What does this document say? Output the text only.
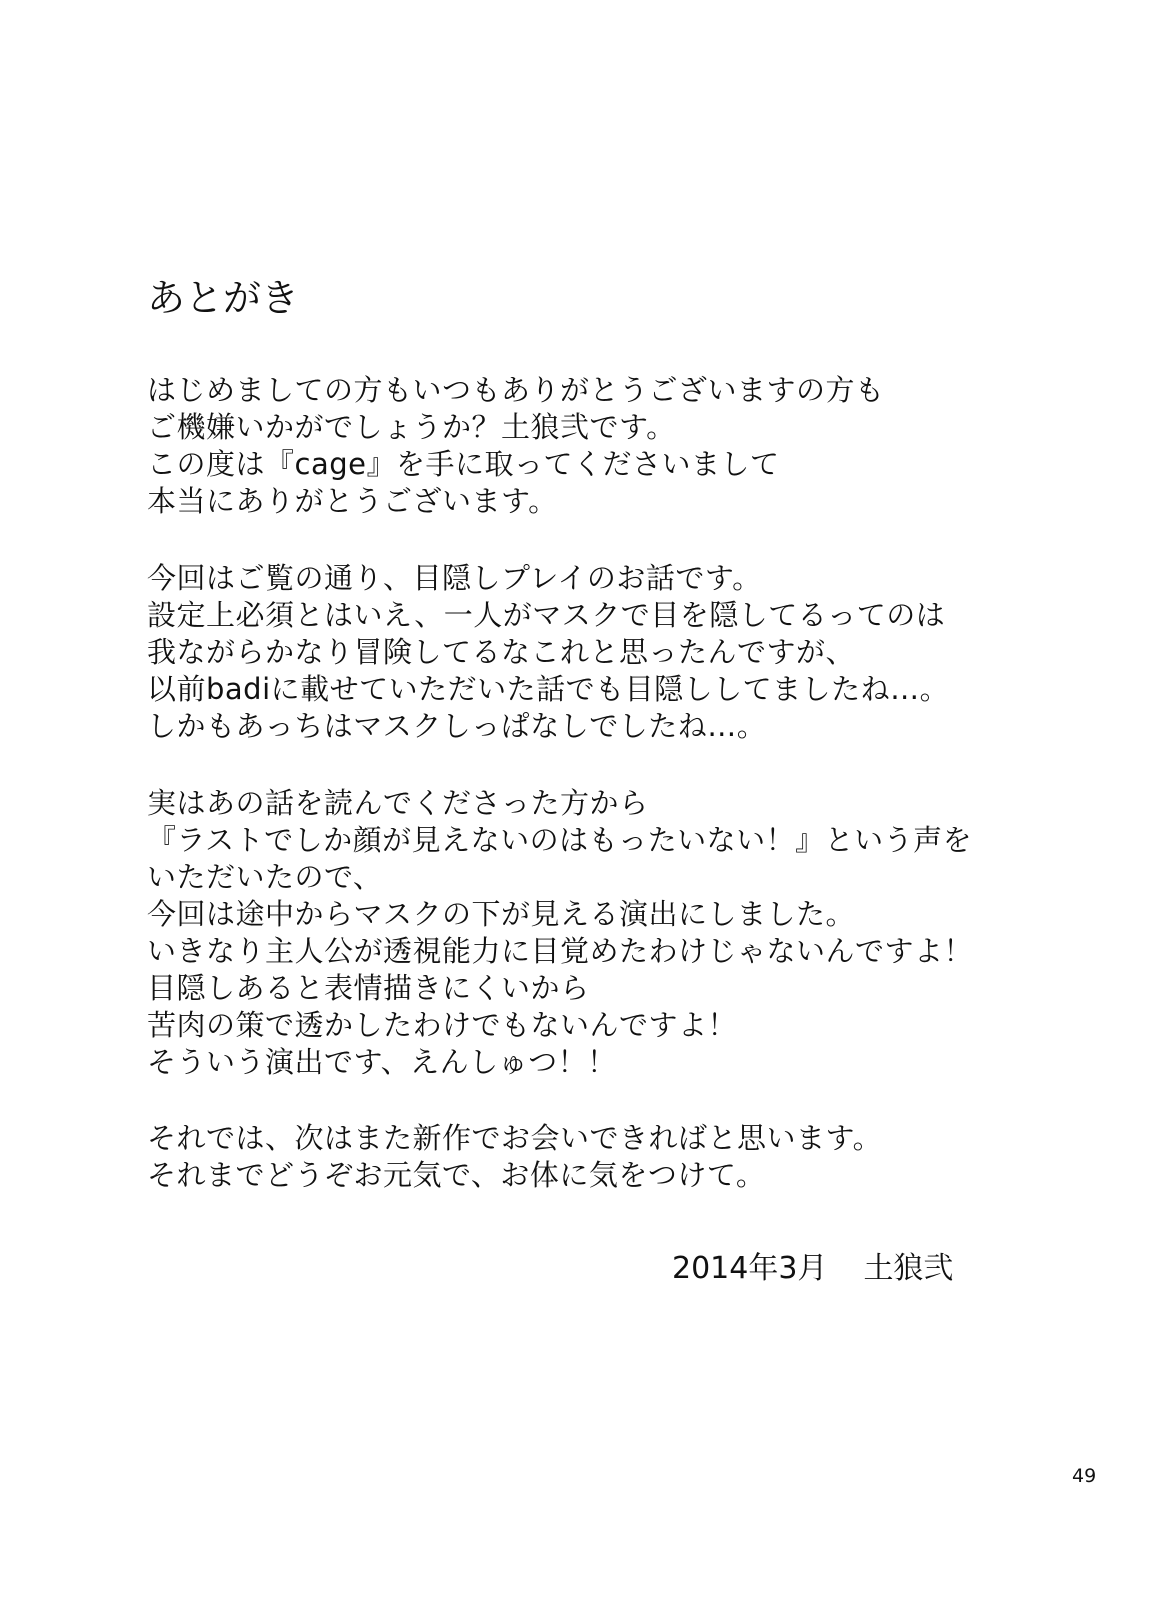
あとがき
はじめましての方もいつもありがとうございますの方も
ご機嫌いかがでしょうか？土狼弐です。
この度は『cage』を手に取ってくださいまして
本当にありがとうございます。
今回はご覧の通り、目隠しプレイのお話です。
設定上必須とはいえ、一人がマスクで目を隠してるってのは
我ながらかなり冒険してるなこれと思ったんですが、
以前badiに載せていただいた話でも目隠ししてましたね…。
しかもあっちはマスクしっぱなしでしたね…。
実はあの話を読んでくださった方から
『ラストでしか顔が見えないのはもったいない！』という声を
いただいたので、
今回は途中からマスクの下が見える演出にしました。
いきなり主人公が透視能力に目覚めたわけじゃないんですよ！
目隠しあると表情描きにくいから
苦肉の策で透かしたわけでもないんですよ！
そういう演出です、えんしゅつ！！
それでは、次はまた新作でお会いできればと思います。
それまでどうぞお元気で、お体に気をつけて。
2014年3月 土狼弐
49
